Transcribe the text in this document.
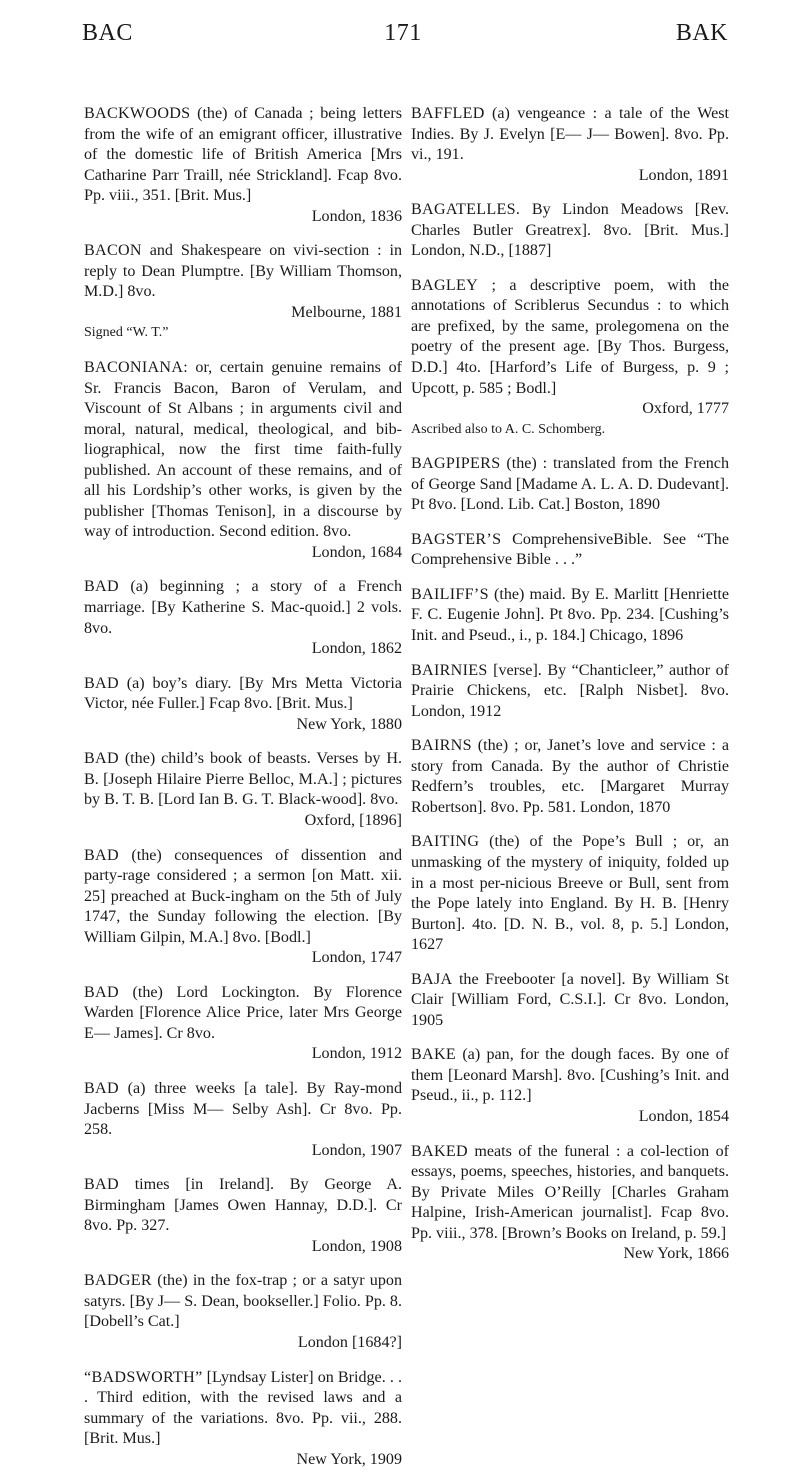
BAC	171	BAK
BACKWOODS (the) of Canada ; being letters from the wife of an emigrant officer, illustrative of the domestic life of British America [Mrs Catharine Parr Traill, née Strickland]. Fcap 8vo. Pp. viii., 351. [Brit. Mus.]
London, 1836
BACON and Shakespeare on vivi-section : in reply to Dean Plumptre. [By William Thomson, M.D.] 8vo.
Melbourne, 1881
Signed “W. T.”
BACONIANA: or, certain genuine remains of Sr. Francis Bacon, Baron of Verulam, and Viscount of St Albans ; in arguments civil and moral, natural, medical, theological, and bib-liographical, now the first time faith-fully published. An account of these remains, and of all his Lordship’s other works, is given by the publisher [Thomas Tenison], in a discourse by way of introduction. Second edition. 8vo.
London, 1684
BAD (a) beginning ; a story of a French marriage. [By Katherine S. Mac-quoid.] 2 vols. 8vo.
London, 1862
BAD (a) boy’s diary. [By Mrs Metta Victoria Victor, née Fuller.] Fcap 8vo. [Brit. Mus.]
New York, 1880
BAD (the) child’s book of beasts. Verses by H. B. [Joseph Hilaire Pierre Belloc, M.A.] ; pictures by B. T. B. [Lord Ian B. G. T. Black-wood]. 8vo.
Oxford, [1896]
BAD (the) consequences of dissention and party-rage considered ; a sermon [on Matt. xii. 25] preached at Buck-ingham on the 5th of July 1747, the Sunday following the election. [By William Gilpin, M.A.] 8vo. [Bodl.]
London, 1747
BAD (the) Lord Lockington. By Florence Warden [Florence Alice Price, later Mrs George E— James]. Cr 8vo.
London, 1912
BAD (a) three weeks [a tale]. By Ray-mond Jacberns [Miss M— Selby Ash]. Cr 8vo. Pp. 258.
London, 1907
BAD times [in Ireland]. By George A. Birmingham [James Owen Hannay, D.D.]. Cr 8vo. Pp. 327.
London, 1908
BADGER (the) in the fox-trap ; or a satyr upon satyrs. [By J— S. Dean, bookseller.] Folio. Pp. 8. [Dobell’s Cat.]
London [1684?]
“BADSWORTH” [Lyndsay Lister] on Bridge. . . . Third edition, with the revised laws and a summary of the variations. 8vo. Pp. vii., 288. [Brit. Mus.]
New York, 1909
BAFFLED (a) vengeance : a tale of the West Indies. By J. Evelyn [E— J— Bowen]. 8vo. Pp. vi., 191.
London, 1891
BAGATELLES. By Lindon Meadows [Rev. Charles Butler Greatrex]. 8vo. [Brit. Mus.] London, N.D., [1887]
BAGLEY ; a descriptive poem, with the annotations of Scriblerus Secundus : to which are prefixed, by the same, prolegomena on the poetry of the present age. [By Thos. Burgess, D.D.] 4to. [Harford’s Life of Burgess, p. 9 ; Upcott, p. 585 ; Bodl.]
Oxford, 1777
Ascribed also to A. C. Schomberg.
BAGPIPERS (the) : translated from the French of George Sand [Madame A. L. A. D. Dudevant]. Pt 8vo. [Lond. Lib. Cat.] Boston, 1890
BAGSTER’S ComprehensiveBible. See “The Comprehensive Bible . . .”
BAILIFF’S (the) maid. By E. Marlitt [Henriette F. C. Eugenie John]. Pt 8vo. Pp. 234. [Cushing’s Init. and Pseud., i., p. 184.] Chicago, 1896
BAIRNIES [verse]. By “Chanticleer,” author of Prairie Chickens, etc. [Ralph Nisbet]. 8vo. London, 1912
BAIRNS (the) ; or, Janet’s love and service : a story from Canada. By the author of Christie Redfern’s troubles, etc. [Margaret Murray Robertson]. 8vo. Pp. 581. London, 1870
BAITING (the) of the Pope’s Bull ; or, an unmasking of the mystery of iniquity, folded up in a most per-nicious Breeve or Bull, sent from the Pope lately into England. By H. B. [Henry Burton]. 4to. [D. N. B., vol. 8, p. 5.] London, 1627
BAJA the Freebooter [a novel]. By William St Clair [William Ford, C.S.I.]. Cr 8vo. London, 1905
BAKE (a) pan, for the dough faces. By one of them [Leonard Marsh]. 8vo. [Cushing’s Init. and Pseud., ii., p. 112.]
London, 1854
BAKED meats of the funeral : a col-lection of essays, poems, speeches, histories, and banquets. By Private Miles O’Reilly [Charles Graham Halpine, Irish-American journalist]. Fcap 8vo. Pp. viii., 378. [Brown’s Books on Ireland, p. 59.]
New York, 1866
